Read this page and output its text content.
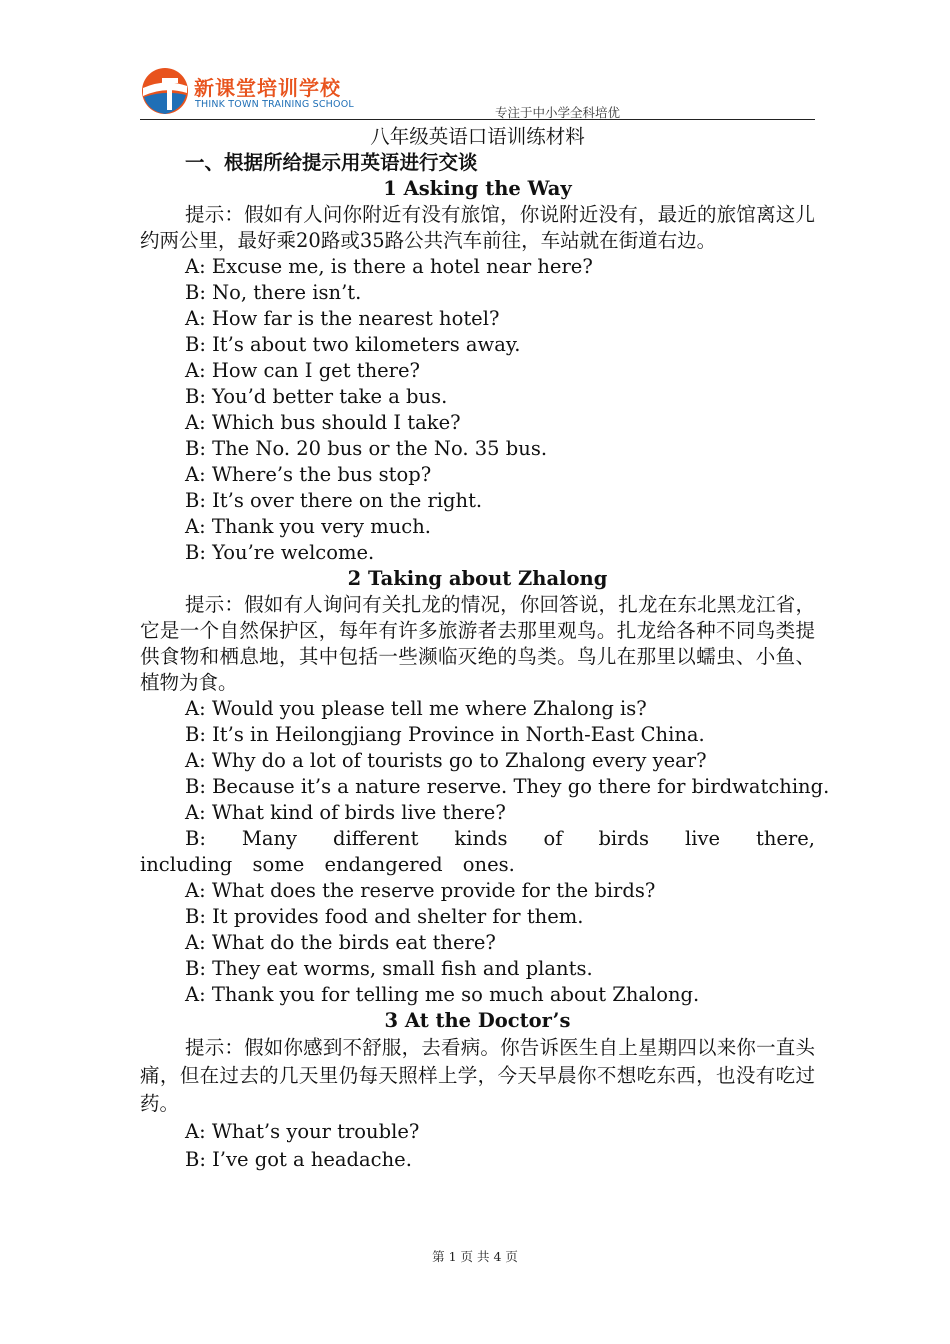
新课堂培训学校
THINK TOWN TRAINING SCHOOL
专注于中小学全科培优
八年级英语口语训练材料
一、根据所给提示用英语进行交谈
1 Asking the Way

提示：假如有人问你附近有没有旅馆，你说附近没有，最近的旅馆离这儿约两公里，最好乘20路或35路公共汽车前往，车站就在街道右边。

A: Excuse me, is there a hotel near here?
B: No, there isn’t.
A: How far is the nearest hotel?
B: It’s about two kilometers away.
A: How can I get there?
B: You’d better take a bus.
A: Which bus should I take?
B: The No. 20 bus or the No. 35 bus.
A: Where’s the bus stop?
B: It’s over there on the right.
A: Thank you very much.
B: You’re welcome.
2 Taking about Zhalong

提示：假如有人询问有关扎龙的情况，你回答说，扎龙在东北黑龙江省，它是一个自然保护区，每年有许多旅游者去那里观鸟。扎龙给各种不同鸟类提供食物和栖息地，其中包括一些濒临灭绝的鸟类。鸟儿在那里以蠕虫、小鱼、植物为食。

A: Would you please tell me where Zhalong is?
B: It’s in Heilongjiang Province in North-East China.
A: Why do a lot of tourists go to Zhalong every year?
B: Because it’s a nature reserve. They go there for birdwatching.
A: What kind of birds live there?

B: Many different kinds of birds live there, including some endangered ones.

A: What does the reserve provide for the birds?
B: It provides food and shelter for them.
A: What do the birds eat there?
B: They eat worms, small fish and plants.
A: Thank you for telling me so much about Zhalong.
3 At the Doctor’s

提示：假如你感到不舒服，去看病。你告诉医生自上星期四以来你一直头痛，但在过去的几天里仍每天照样上学，今天早晨你不想吃东西，也没有吃过药。

A: What’s your trouble?
B: I’ve got a headache.
第 1 页 共 4 页
